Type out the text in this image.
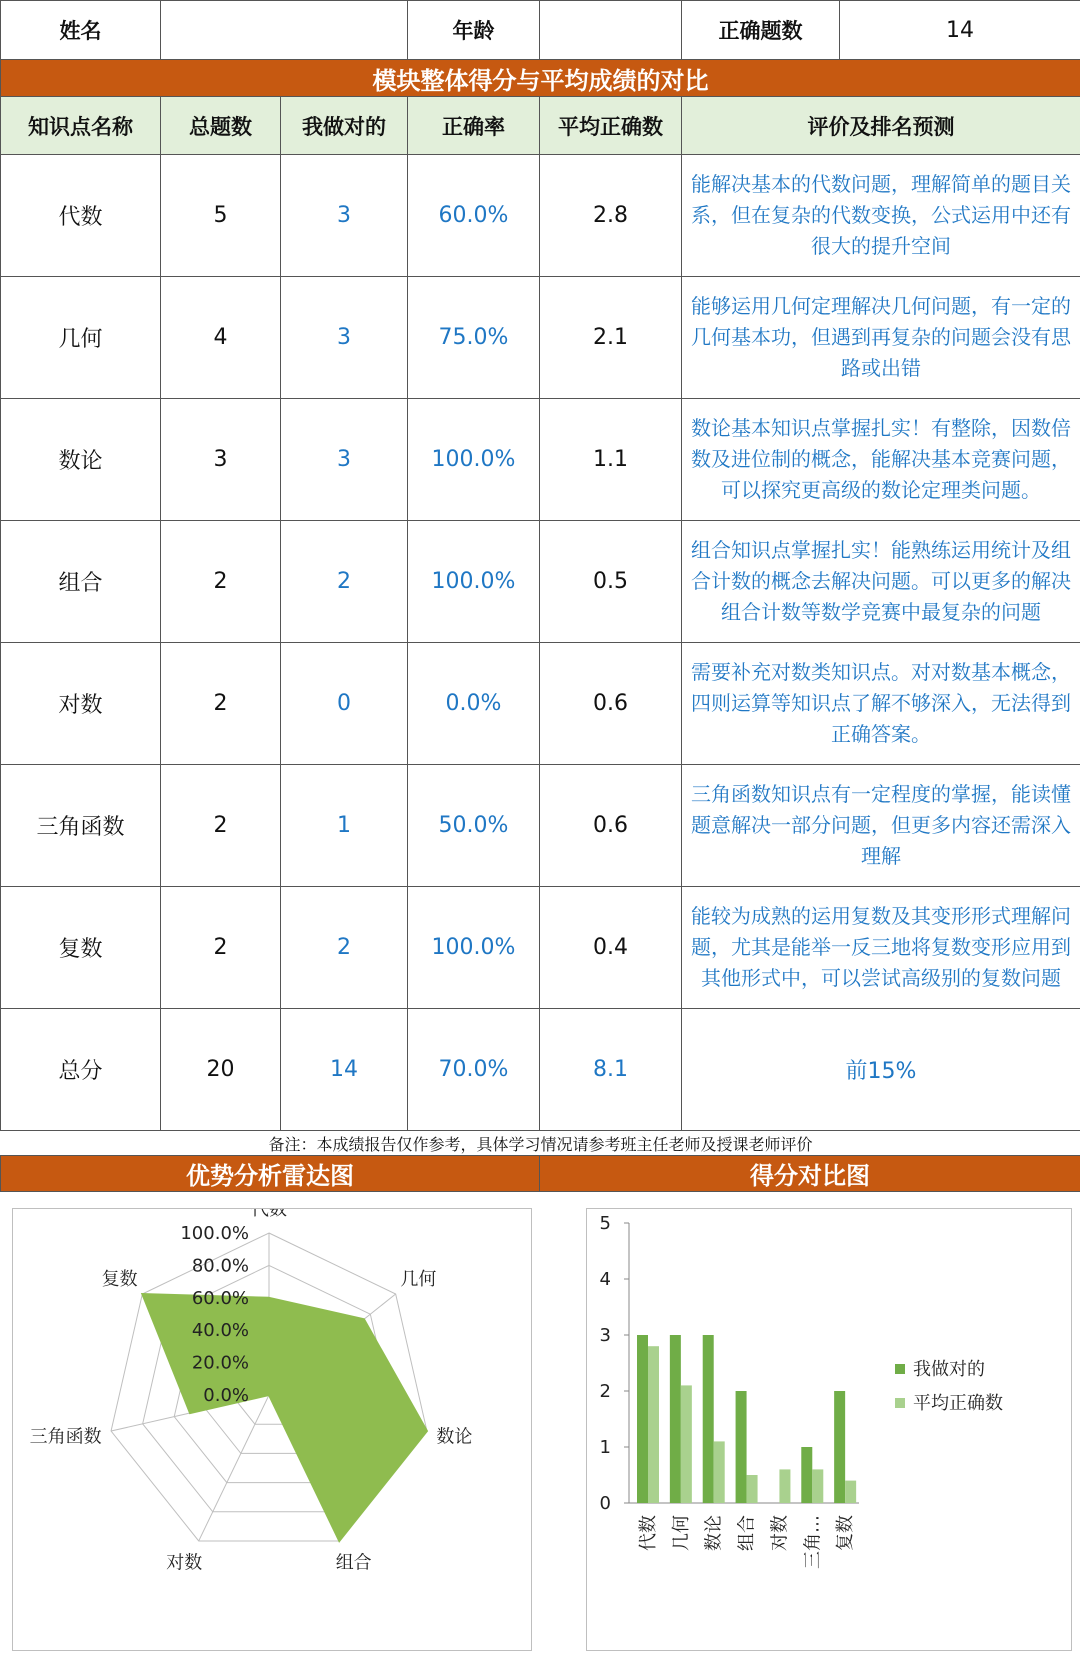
姓名			年龄		正确题数	14
模块整体得分与平均成绩的对比						
知识点名称	总题数	我做对的	正确率	平均正确数	评价及排名预测	
代数	5	3	60.0%	2.8	能解决基本的代数问题，理解简单的题目关系，但在复杂的代数变换，公式运用中还有很大的提升空间	
几何	4	3	75.0%	2.1	能够运用几何定理解决几何问题，有一定的几何基本功，但遇到再复杂的问题会没有思路或出错	
数论	3	3	100.0%	1.1	数论基本知识点掌握扎实！有整除，因数倍数及进位制的概念，能解决基本竞赛问题，可以探究更高级的数论定理类问题。	
组合	2	2	100.0%	0.5	组合知识点掌握扎实！能熟练运用统计及组合计数的概念去解决问题。可以更多的解决组合计数等数学竞赛中最复杂的问题	
对数	2	0	0.0%	0.6	需要补充对数类知识点。对对数基本概念，四则运算等知识点了解不够深入，无法得到正确答案。	
三角函数	2	1	50.0%	0.6	三角函数知识点有一定程度的掌握，能读懂题意解决一部分问题，但更多内容还需深入理解	
复数	2	2	100.0%	0.4	能较为成熟的运用复数及其变形形式理解问题，尤其是能举一反三地将复数变形应用到其他形式中，可以尝试高级别的复数问题	
总分	20	14	70.0%	8.1	前15%	
备注：本成绩报告仅作参考，具体学习情况请参考班主任老师及授课老师评价						
优势分析雷达图				得分对比图		
0.0%
20.0%
40.0%
60.0%
80.0%
100.0%
代数
几何
数论
组合
对数
三角函数
复数
0
1
2
3
4
5
代数 几何 数论 组合 对数 三角… 复数
我做对的
平均正确数
